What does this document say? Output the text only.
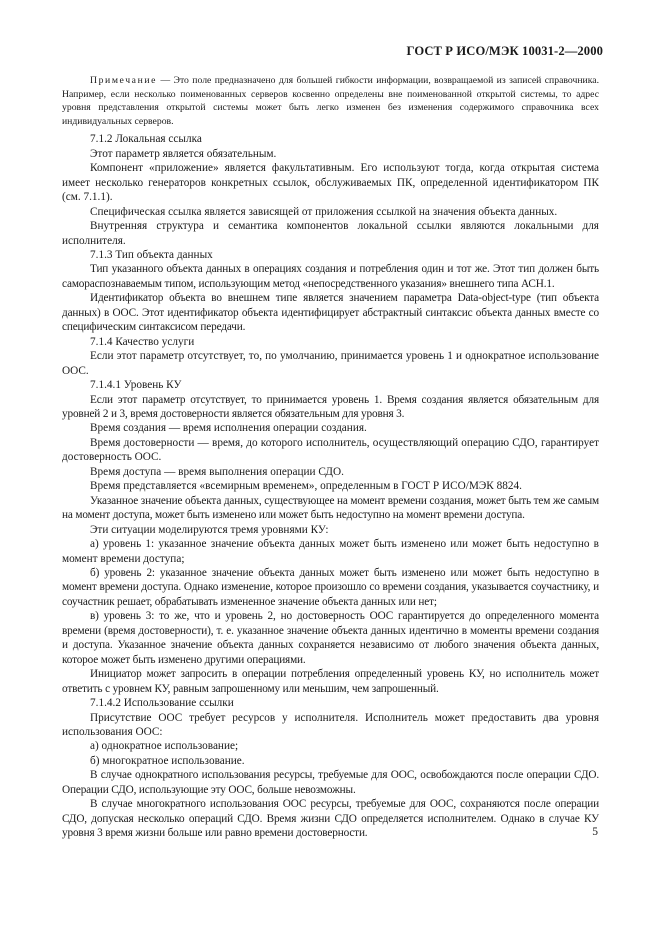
ГОСТ Р ИСО/МЭК 10031-2—2000

Примечание — Это поле предназначено для большей гибкости информации, возвращаемой из записей справочника. Например, если несколько поименованных серверов косвенно определены вне поименованной открытой системы, то адрес уровня представления открытой системы может быть легко изменен без изменения содержимого справочника всех индивидуальных серверов.

7.1.2 Локальная ссылка

Этот параметр является обязательным.

Компонент «приложение» является факультативным. Его используют тогда, когда открытая система имеет несколько генераторов конкретных ссылок, обслуживаемых ПК, определенной идентификатором ПК (см. 7.1.1).

Специфическая ссылка является зависящей от приложения ссылкой на значения объекта данных.

Внутренняя структура и семантика компонентов локальной ссылки являются локальными для исполнителя.

7.1.3 Тип объекта данных

Тип указанного объекта данных в операциях создания и потребления один и тот же. Этот тип должен быть самораспознаваемым типом, использующим метод «непосредственного указания» внешнего типа АСН.1.

Идентификатор объекта во внешнем типе является значением параметра Data-object-type (тип объекта данных) в ООС. Этот идентификатор объекта идентифицирует абстрактный синтаксис объекта данных вместе со специфическим синтаксисом передачи.

7.1.4 Качество услуги

Если этот параметр отсутствует, то, по умолчанию, принимается уровень 1 и однократное использование ООС.

7.1.4.1 Уровень КУ

Если этот параметр отсутствует, то принимается уровень 1. Время создания является обязательным для уровней 2 и 3, время достоверности является обязательным для уровня 3.

Время создания — время исполнения операции создания.

Время достоверности — время, до которого исполнитель, осуществляющий операцию СДО, гарантирует достоверность ООС.

Время доступа — время выполнения операции СДО.

Время представляется «всемирным временем», определенным в ГОСТ Р ИСО/МЭК 8824.

Указанное значение объекта данных, существующее на момент времени создания, может быть тем же самым на момент доступа, может быть изменено или может быть недоступно на момент времени доступа.

Эти ситуации моделируются тремя уровнями КУ:

а) уровень 1: указанное значение объекта данных может быть изменено или может быть недоступно в момент времени доступа;

б) уровень 2: указанное значение объекта данных может быть изменено или может быть недоступно в момент времени доступа. Однако изменение, которое произошло со времени создания, указывается соучастнику, и соучастник решает, обрабатывать измененное значение объекта данных или нет;

в) уровень 3: то же, что и уровень 2, но достоверность ООС гарантируется до определенного момента времени (время достоверности), т. е. указанное значение объекта данных идентично в моменты времени создания и доступа. Указанное значение объекта данных сохраняется независимо от любого значения объекта данных, которое может быть изменено другими операциями.

Инициатор может запросить в операции потребления определенный уровень КУ, но исполнитель может ответить с уровнем КУ, равным запрошенному или меньшим, чем запрошенный.

7.1.4.2 Использование ссылки

Присутствие ООС требует ресурсов у исполнителя. Исполнитель может предоставить два уровня использования ООС:

а) однократное использование;

б) многократное использование.

В случае однократного использования ресурсы, требуемые для ООС, освобождаются после операции СДО. Операции СДО, использующие эту ООС, больше невозможны.

В случае многократного использования ООС ресурсы, требуемые для ООС, сохраняются после операции СДО, допуская несколько операций СДО. Время жизни СДО определяется исполнителем. Однако в случае КУ уровня 3 время жизни больше или равно времени достоверности.	5
